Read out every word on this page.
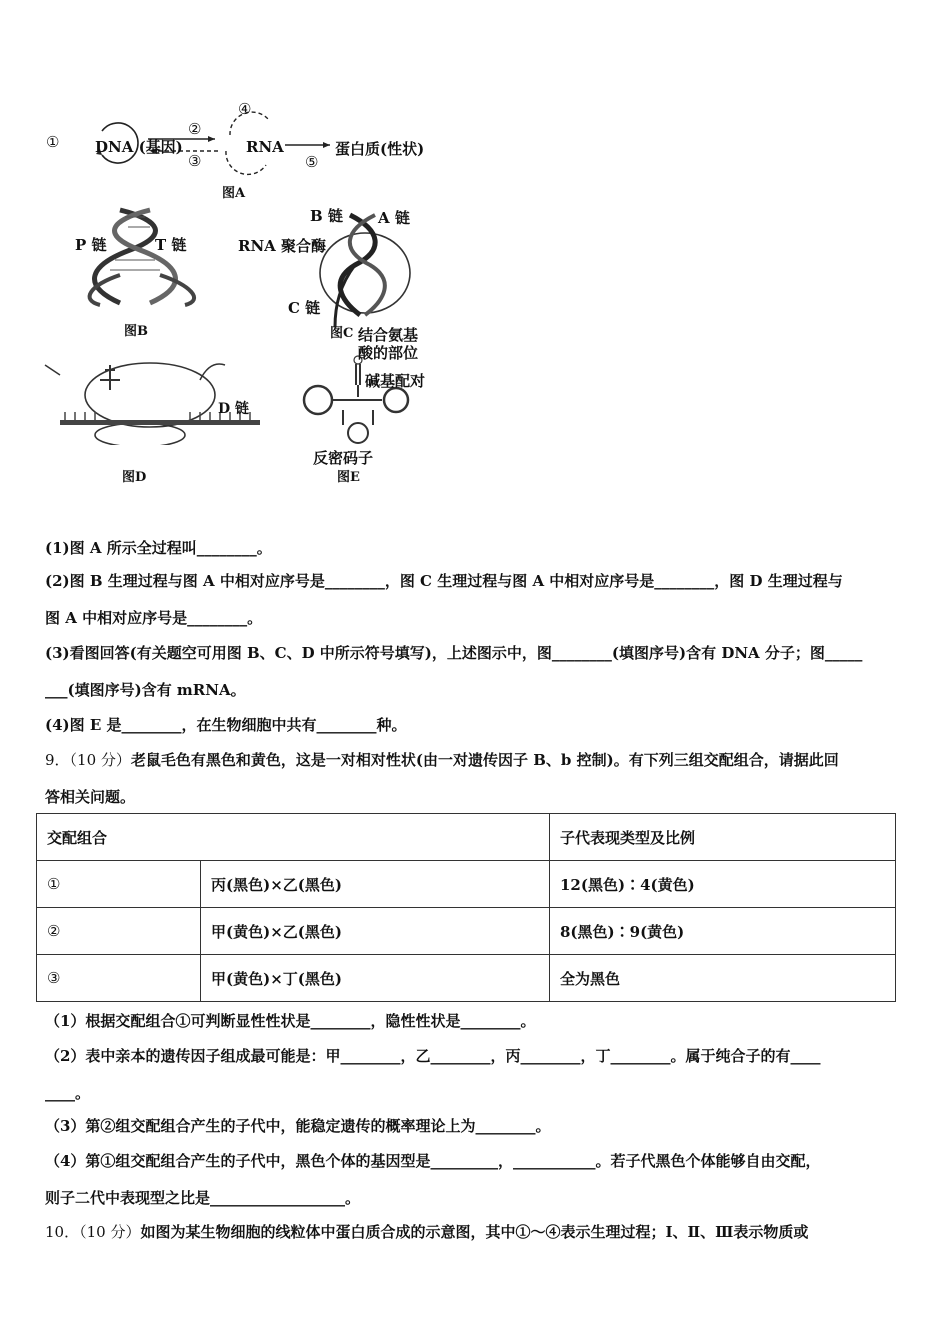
① DNA (基因)
②
③
④
RNA
⑤
蛋白质(性状)
图A
P 链	T 链
图B
B 链 A 链
RNA 聚合酶
C 链
图C
D 链
图D
结合氨基
酸的部位
碱基配对
反密码子
图E
(1)图 A 所示全过程叫________。
(2)图 B 生理过程与图 A 中相对应序号是________，图 C 生理过程与图 A 中相对应序号是________，图 D 生理过程与
图 A 中相对应序号是________。
(3)看图回答(有关题空可用图 B、C、D 中所示符号填写)，上述图示中，图________(填图序号)含有 DNA 分子；图_____
___(填图序号)含有 mRNA。
(4)图 E 是________，在生物细胞中共有________种。
9．（10 分）老鼠毛色有黑色和黄色，这是一对相对性状(由一对遗传因子 B、b 控制)。有下列三组交配组合，请据此回
答相关问题。
交配组合		子代表现类型及比例
①	丙(黑色)×乙(黑色)	12(黑色)∶4(黄色)
②	甲(黄色)×乙(黑色)	8(黑色)∶9(黄色)
③	甲(黄色)×丁(黑色)	全为黑色
（1）根据交配组合①可判断显性性状是________，隐性性状是________。
（2）表中亲本的遗传因子组成最可能是：甲________，乙________，丙________，丁________。属于纯合子的有____
____。
（3）第②组交配组合产生的子代中，能稳定遗传的概率理论上为________。
（4）第①组交配组合产生的子代中，黑色个体的基因型是_________，___________。若子代黑色个体能够自由交配，
则子二代中表现型之比是__________________。
10．（10 分）如图为某生物细胞的线粒体中蛋白质合成的示意图，其中①～④表示生理过程；Ⅰ、Ⅱ、Ⅲ表示物质或
